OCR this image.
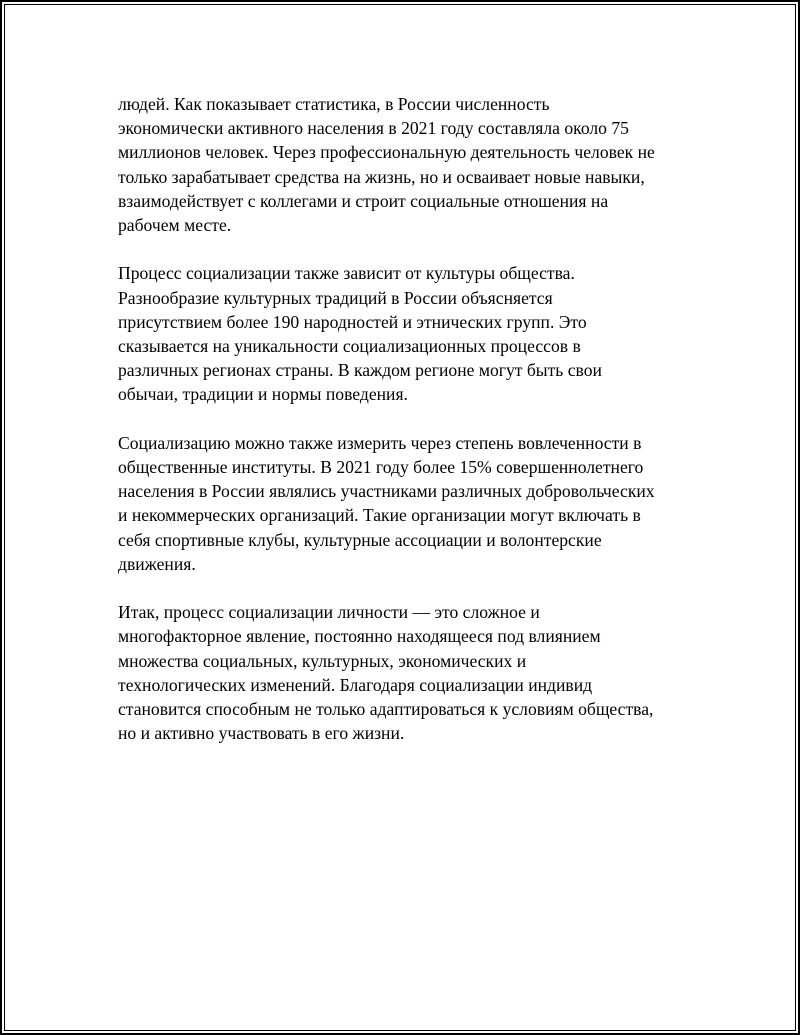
людей. Как показывает статистика, в России численность

экономически активного населения в 2021 году составляла около 75

миллионов человек. Через профессиональную деятельность человек не

только зарабатывает средства на жизнь, но и осваивает новые навыки,

взаимодействует с коллегами и строит социальные отношения на

рабочем месте.

Процесс социализации также зависит от культуры общества.

Разнообразие культурных традиций в России объясняется

присутствием более 190 народностей и этнических групп. Это

сказывается на уникальности социализационных процессов в

различных регионах страны. В каждом регионе могут быть свои

обычаи, традиции и нормы поведения.

Социализацию можно также измерить через степень вовлеченности в

общественные институты. В 2021 году более 15% совершеннолетнего

населения в России являлись участниками различных добровольческих

и некоммерческих организаций. Такие организации могут включать в

себя спортивные клубы, культурные ассоциации и волонтерские

движения.

Итак, процесс социализации личности — это сложное и

многофакторное явление, постоянно находящееся под влиянием

множества социальных, культурных, экономических и

технологических изменений. Благодаря социализации индивид

становится способным не только адаптироваться к условиям общества,

но и активно участвовать в его жизни.
